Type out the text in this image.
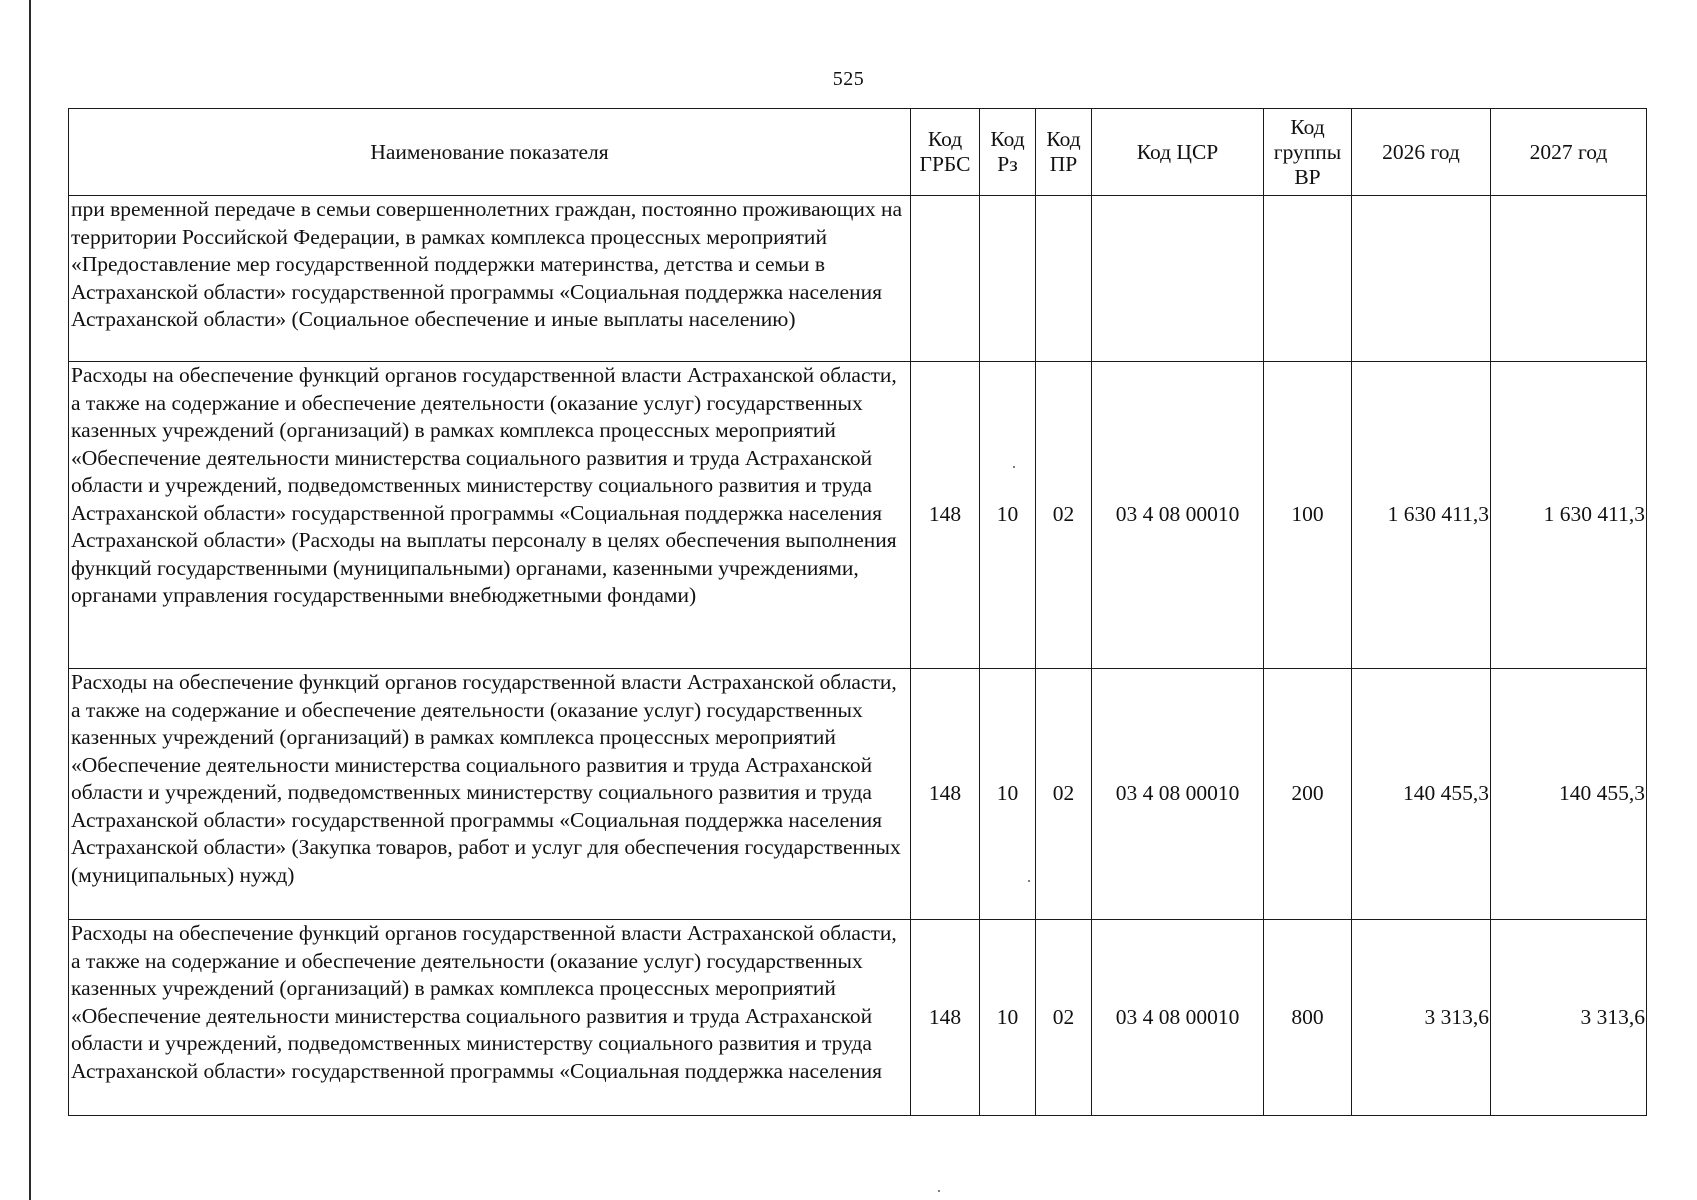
525
Наименование показателя	Код ГРБС	Код Рз	Код ПР	Код ЦСР	Код группы ВР	2026 год	2027 год
при временной передаче в семьи совершеннолетних граждан, постоянно проживающих на территории Российской Федерации, в рамках комплекса процессных мероприятий «Предоставление мер государственной поддержки материнства, детства и семьи в Астраханской области» государственной программы «Социальная поддержка населения Астраханской области» (Социальное обеспечение и иные выплаты населению)							
Расходы на обеспечение функций органов государственной власти Астраханской области, а также на содержание и обеспечение деятельности (оказание услуг) государственных казенных учреждений (организаций) в рамках комплекса процессных мероприятий «Обеспечение деятельности министерства социального развития и труда Астраханской области и учреждений, подведомственных министерству социального развития и труда Астраханской области» государственной программы «Социальная поддержка населения Астраханской области» (Расходы на выплаты персоналу в целях обеспечения выполнения функций государственными (муниципальными) органами, казенными учреждениями, органами управления государственными внебюджетными фондами)	148	10	02	03 4 08 00010	100	1 630 411,3	1 630 411,3
Расходы на обеспечение функций органов государственной власти Астраханской области, а также на содержание и обеспечение деятельности (оказание услуг) государственных казенных учреждений (организаций) в рамках комплекса процессных мероприятий «Обеспечение деятельности министерства социального развития и труда Астраханской области и учреждений, подведомственных министерству социального развития и труда Астраханской области» государственной программы «Социальная поддержка населения Астраханской области» (Закупка товаров, работ и услуг для обеспечения государственных (муниципальных) нужд)	148	10	02	03 4 08 00010	200	140 455,3	140 455,3
Расходы на обеспечение функций органов государственной власти Астраханской области, а также на содержание и обеспечение деятельности (оказание услуг) государственных казенных учреждений (организаций) в рамках комплекса процессных мероприятий «Обеспечение деятельности министерства социального развития и труда Астраханской области и учреждений, подведомственных министерству социального развития и труда Астраханской области» государственной программы «Социальная поддержка населения	148	10	02	03 4 08 00010	800	3 313,6	3 313,6
